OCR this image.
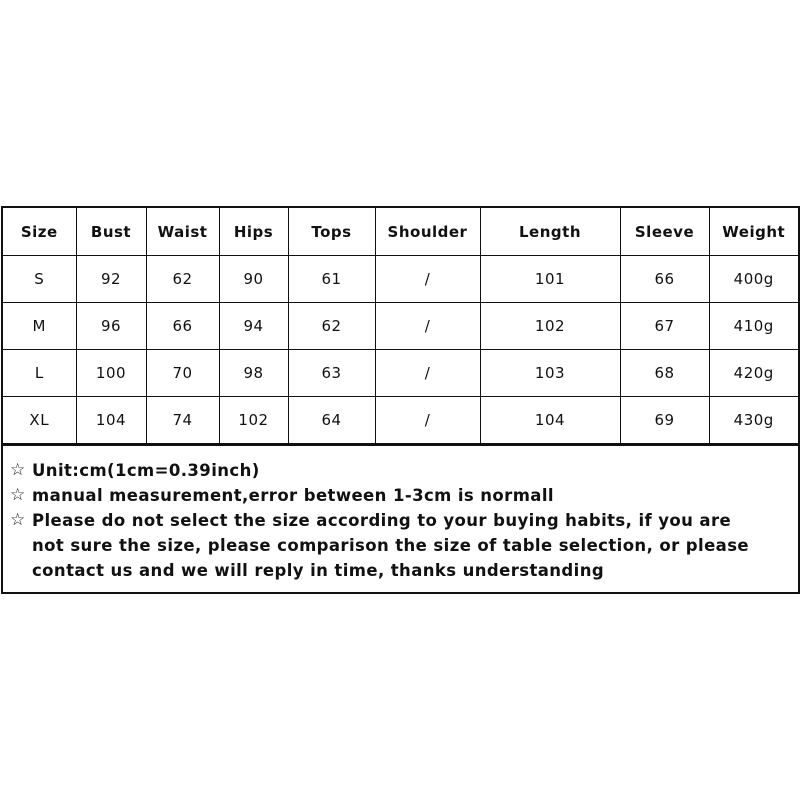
Size	Bust	Waist	Hips	Tops	Shoulder	Length	Sleeve	Weight
S	92	62	90	61	/	101	66	400g
M	96	66	94	62	/	102	67	410g
L	100	70	98	63	/	103	68	420g
XL	104	74	102	64	/	104	69	430g
☆ Unit:cm(1cm=0.39inch)
☆ manual measurement,error between 1-3cm is normall
☆ Please do not select the size according to your buying habits, if you are
not sure the size, please comparison the size of table selection, or please
contact us and we will reply in time, thanks understanding
